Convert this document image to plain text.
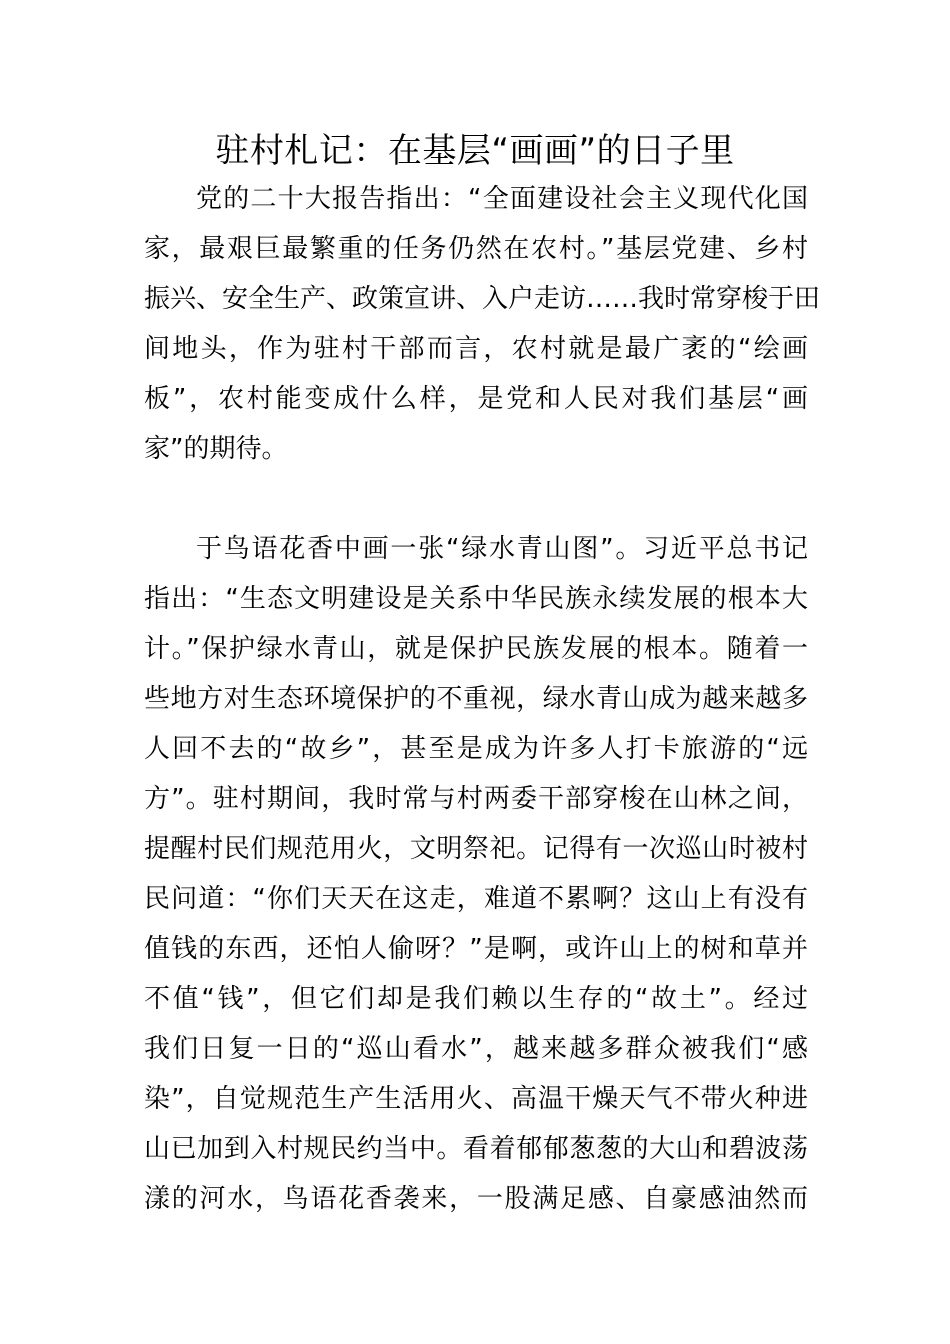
驻村札记：在基层“画画”的日子里
党的二十大报告指出：“全面建设社会主义现代化国
家，最艰巨最繁重的任务仍然在农村。”基层党建、乡村
振兴、安全生产、政策宣讲、入户走访……我时常穿梭于田
间地头，作为驻村干部而言，农村就是最广袤的“绘画
板”，农村能变成什么样，是党和人民对我们基层“画
家”的期待。
于鸟语花香中画一张“绿水青山图”。习近平总书记
指出：“生态文明建设是关系中华民族永续发展的根本大
计。”保护绿水青山，就是保护民族发展的根本。随着一
些地方对生态环境保护的不重视，绿水青山成为越来越多
人回不去的“故乡”，甚至是成为许多人打卡旅游的“远
方”。驻村期间，我时常与村两委干部穿梭在山林之间，
提醒村民们规范用火，文明祭祀。记得有一次巡山时被村
民问道：“你们天天在这走，难道不累啊？这山上有没有
值钱的东西，还怕人偷呀？”是啊，或许山上的树和草并
不值“钱”，但它们却是我们赖以生存的“故土”。经过
我们日复一日的“巡山看水”，越来越多群众被我们“感
染”，自觉规范生产生活用火、高温干燥天气不带火种进
山已加到入村规民约当中。看着郁郁葱葱的大山和碧波荡
漾的河水，鸟语花香袭来，一股满足感、自豪感油然而
